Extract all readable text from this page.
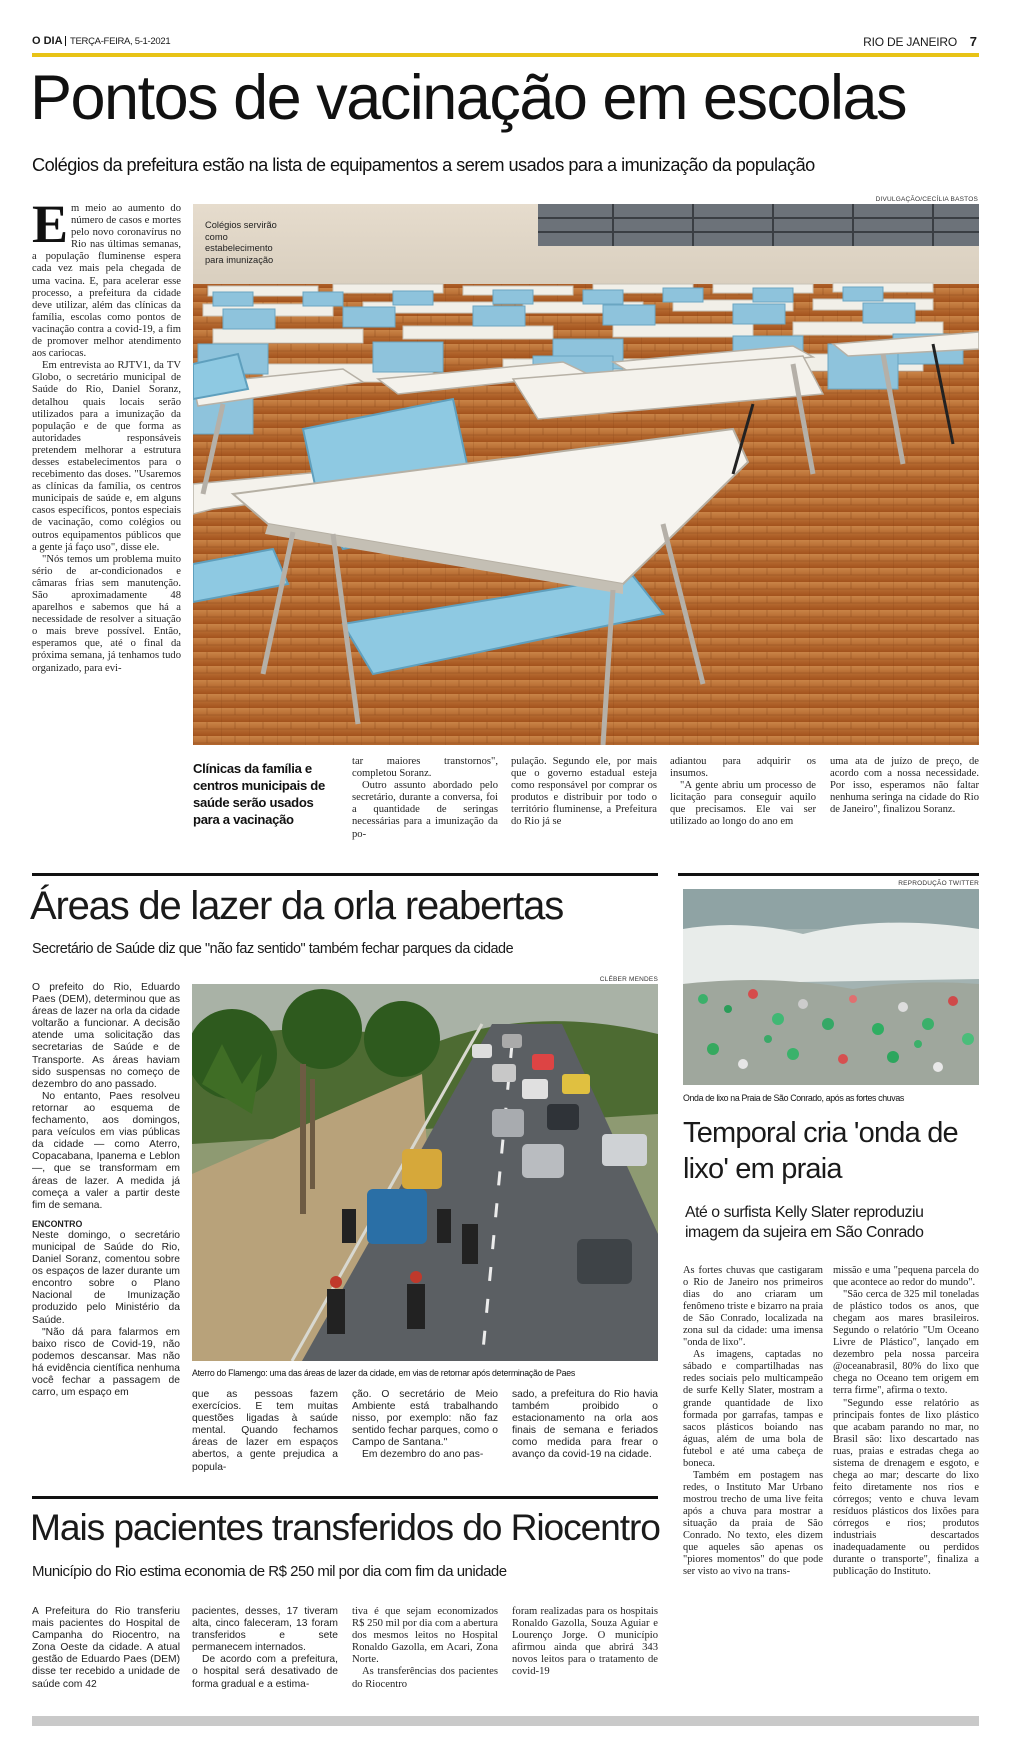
O DIA TERÇA-FEIRA, 5-1-2021	RIO DE JANEIRO 7
Pontos de vacinação em escolas
Colégios da prefeitura estão na lista de equipamentos a serem usados para a imunização da população

Em meio ao aumento do número de casos e mortes pelo novo coronavírus no Rio nas últimas semanas, a população fluminense espera cada vez mais pela chegada de uma vacina. E, para acelerar esse processo, a prefeitura da cidade deve utilizar, além das clínicas da família, escolas como pontos de vacinação contra a covid-19, a fim de promover melhor atendimento aos cariocas.

Em entrevista ao RJTV1, da TV Globo, o secretário municipal de Saúde do Rio, Daniel Soranz, detalhou quais locais serão utilizados para a imunização da população e de que forma as autoridades responsáveis pretendem melhorar a estrutura desses estabelecimentos para o recebimento das doses. "Usaremos as clínicas da família, os centros municipais de saúde e, em alguns casos específicos, pontos especiais de vacinação, como colégios ou outros equipamentos públicos que a gente já faço uso", disse ele.

"Nós temos um problema muito sério de ar-condicionados e câmaras frias sem manutenção. São aproximadamente 48 aparelhos e sabemos que há a necessidade de resolver a situação o mais breve possível. Então, esperamos que, até o final da próxima semana, já tenhamos tudo organizado, para evi-

DIVULGAÇÃO/CECÍLIA BASTOS
Colégios servirão como estabelecimento para imunização
Clínicas da família e centros municipais de saúde serão usados para a vacinação

tar maiores transtornos", completou Soranz.

Outro assunto abordado pelo secretário, durante a conversa, foi a quantidade de seringas necessárias para a imunização da po-

pulação. Segundo ele, por mais que o governo estadual esteja como responsável por comprar os produtos e distribuir por todo o território fluminense, a Prefeitura do Rio já se

adiantou para adquirir os insumos.

"A gente abriu um processo de licitação para conseguir aquilo que precisamos. Ele vai ser utilizado ao longo do ano em

uma ata de juízo de preço, de acordo com a nossa necessidade. Por isso, esperamos não faltar nenhuma seringa na cidade do Rio de Janeiro", finalizou Soranz.

Áreas de lazer da orla reabertas
Secretário de Saúde diz que "não faz sentido" também fechar parques da cidade

O prefeito do Rio, Eduardo Paes (DEM), determinou que as áreas de lazer na orla da cidade voltarão a funcionar. A decisão atende uma solicitação das secretarias de Saúde e de Transporte. As áreas haviam sido suspensas no começo de dezembro do ano passado.

No entanto, Paes resolveu retornar ao esquema de fechamento, aos domingos, para veículos em vias públicas da cidade — como Aterro, Copacabana, Ipanema e Leblon —, que se transformam em áreas de lazer. A medida já começa a valer a partir deste fim de semana.

ENCONTRO

Neste domingo, o secretário municipal de Saúde do Rio, Daniel Soranz, comentou sobre os espaços de lazer durante um encontro sobre o Plano Nacional de Imunização produzido pelo Ministério da Saúde.

"Não dá para falarmos em baixo risco de Covid-19, não podemos descansar. Mas não há evidência científica nenhuma você fechar a passagem de carro, um espaço em

CLÉBER MENDES
Aterro do Flamengo: uma das áreas de lazer da cidade, em vias de retornar após determinação de Paes

que as pessoas fazem exercícios. E tem muitas questões ligadas à saúde mental. Quando fechamos áreas de lazer em espaços abertos, a gente prejudica a popula-

ção. O secretário de Meio Ambiente está trabalhando nisso, por exemplo: não faz sentido fechar parques, como o Campo de Santana."

Em dezembro do ano pas-

sado, a prefeitura do Rio havia também proibido o estacionamento na orla aos finais de semana e feriados como medida para frear o avanço da covid-19 na cidade.

REPRODUÇÃO TWITTER
Onda de lixo na Praia de São Conrado, após as fortes chuvas
Temporal cria 'onda de lixo' em praia
Até o surfista Kelly Slater reproduziu imagem da sujeira em São Conrado

As fortes chuvas que castigaram o Rio de Janeiro nos primeiros dias do ano criaram um fenômeno triste e bizarro na praia de São Conrado, localizada na zona sul da cidade: uma imensa "onda de lixo".

As imagens, captadas no sábado e compartilhadas nas redes sociais pelo multicampeão de surfe Kelly Slater, mostram a grande quantidade de lixo formada por garrafas, tampas e sacos plásticos boiando nas águas, além de uma bola de futebol e até uma cabeça de boneca.

Também em postagem nas redes, o Instituto Mar Urbano mostrou trecho de uma live feita após a chuva para mostrar a situação da praia de São Conrado. No texto, eles dizem que aqueles são apenas os "piores momentos" do que pode ser visto ao vivo na trans-

missão e uma "pequena parcela do que acontece ao redor do mundo".

"São cerca de 325 mil toneladas de plástico todos os anos, que chegam aos mares brasileiros. Segundo o relatório "Um Oceano Livre de Plástico", lançado em dezembro pela nossa parceira @oceanabrasil, 80% do lixo que chega no Oceano tem origem em terra firme", afirma o texto.

"Segundo esse relatório as principais fontes de lixo plástico que acabam parando no mar, no Brasil são: lixo descartado nas ruas, praias e estradas chega ao sistema de drenagem e esgoto, e chega ao mar; descarte do lixo feito diretamente nos rios e córregos; vento e chuva levam resíduos plásticos dos lixões para córregos e rios; produtos industriais descartados inadequadamente ou perdidos durante o transporte", finaliza a publicação do Instituto.

Mais pacientes transferidos do Riocentro
Município do Rio estima economia de R$ 250 mil por dia com fim da unidade

A Prefeitura do Rio transferiu mais pacientes do Hospital de Campanha do Riocentro, na Zona Oeste da cidade. A atual gestão de Eduardo Paes (DEM) disse ter recebido a unidade de saúde com 42

pacientes, desses, 17 tiveram alta, cinco faleceram, 13 foram transferidos e sete permanecem internados.

De acordo com a prefeitura, o hospital será desativado de forma gradual e a estima-

tiva é que sejam economizados R$ 250 mil por dia com a abertura dos mesmos leitos no Hospital Ronaldo Gazolla, em Acari, Zona Norte.

As transferências dos pacientes do Riocentro

foram realizadas para os hospitais Ronaldo Gazolla, Souza Aguiar e Lourenço Jorge. O município afirmou ainda que abrirá 343 novos leitos para o tratamento de covid-19
